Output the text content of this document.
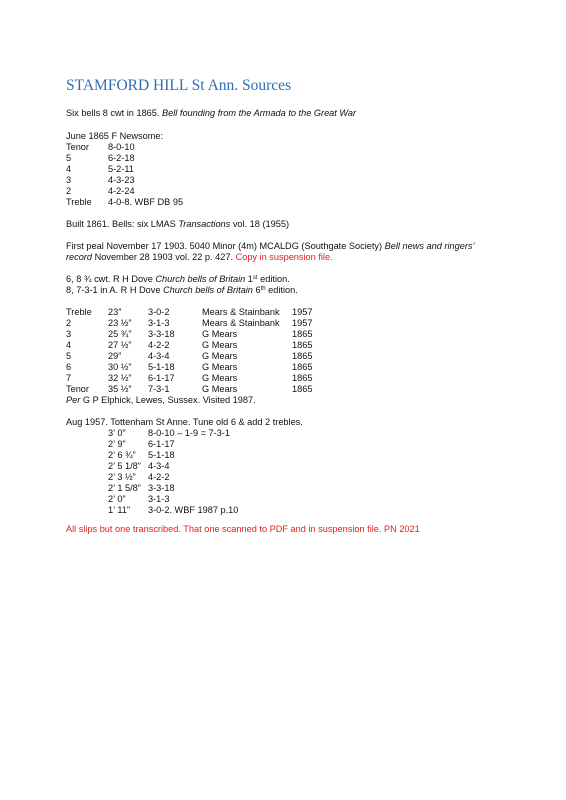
STAMFORD HILL St Ann. Sources
Six bells 8 cwt in 1865. Bell founding from the Armada to the Great War
June 1865 F Newsome:
Tenor 8-0-10
5	6-2-18
4	5-2-11
3	4-3-23
2	4-2-24
Treble 4-0-8. WBF DB 95
Built 1861. Bells: six LMAS Transactions vol. 18 (1955)
First peal November 17 1903. 5040 Minor (4m) MCALDG (Southgate Society) Bell news and ringers’
record November 28 1903 vol. 22 p. 427. Copy in suspension file.
6, 8 ¾ cwt. R H Dove Church bells of Britain 1st edition.
8, 7-3-1 in A. R H Dove Church bells of Britain 6th edition.
Treble 23”	3-0-2	Mears & Stainbank 1957
2	23 ½” 3-1-3	Mears & Stainbank 1957
3	25 ¾” 3-3-18	G Mears	1865
4	27 ½” 4-2-2	G Mears	1865
5	29”	4-3-4	G Mears	1865
6	30 ½” 5-1-18	G Mears	1865
7	32 ½” 6-1-17	G Mears	1865
Tenor 35 ½” 7-3-1	G Mears	1865
Per G P Elphick, Lewes, Sussex. Visited 1987.
Aug 1957. Tottenham St Anne. Tune old 6 & add 2 trebles.
3’ 0” 8-0-10 – 1-9 = 7-3-1
2’ 9” 6-1-17
2’ 6 ¾” 5-1-18
2’ 5 1/8” 4-3-4
2’ 3 ½” 4-2-2
2’ 1 5/8” 3-3-18
2’ 0” 3-1-3
1’ 11” 3-0-2. WBF 1987 p.10
All slips but one transcribed. That one scanned to PDF and in suspension file. PN 2021
